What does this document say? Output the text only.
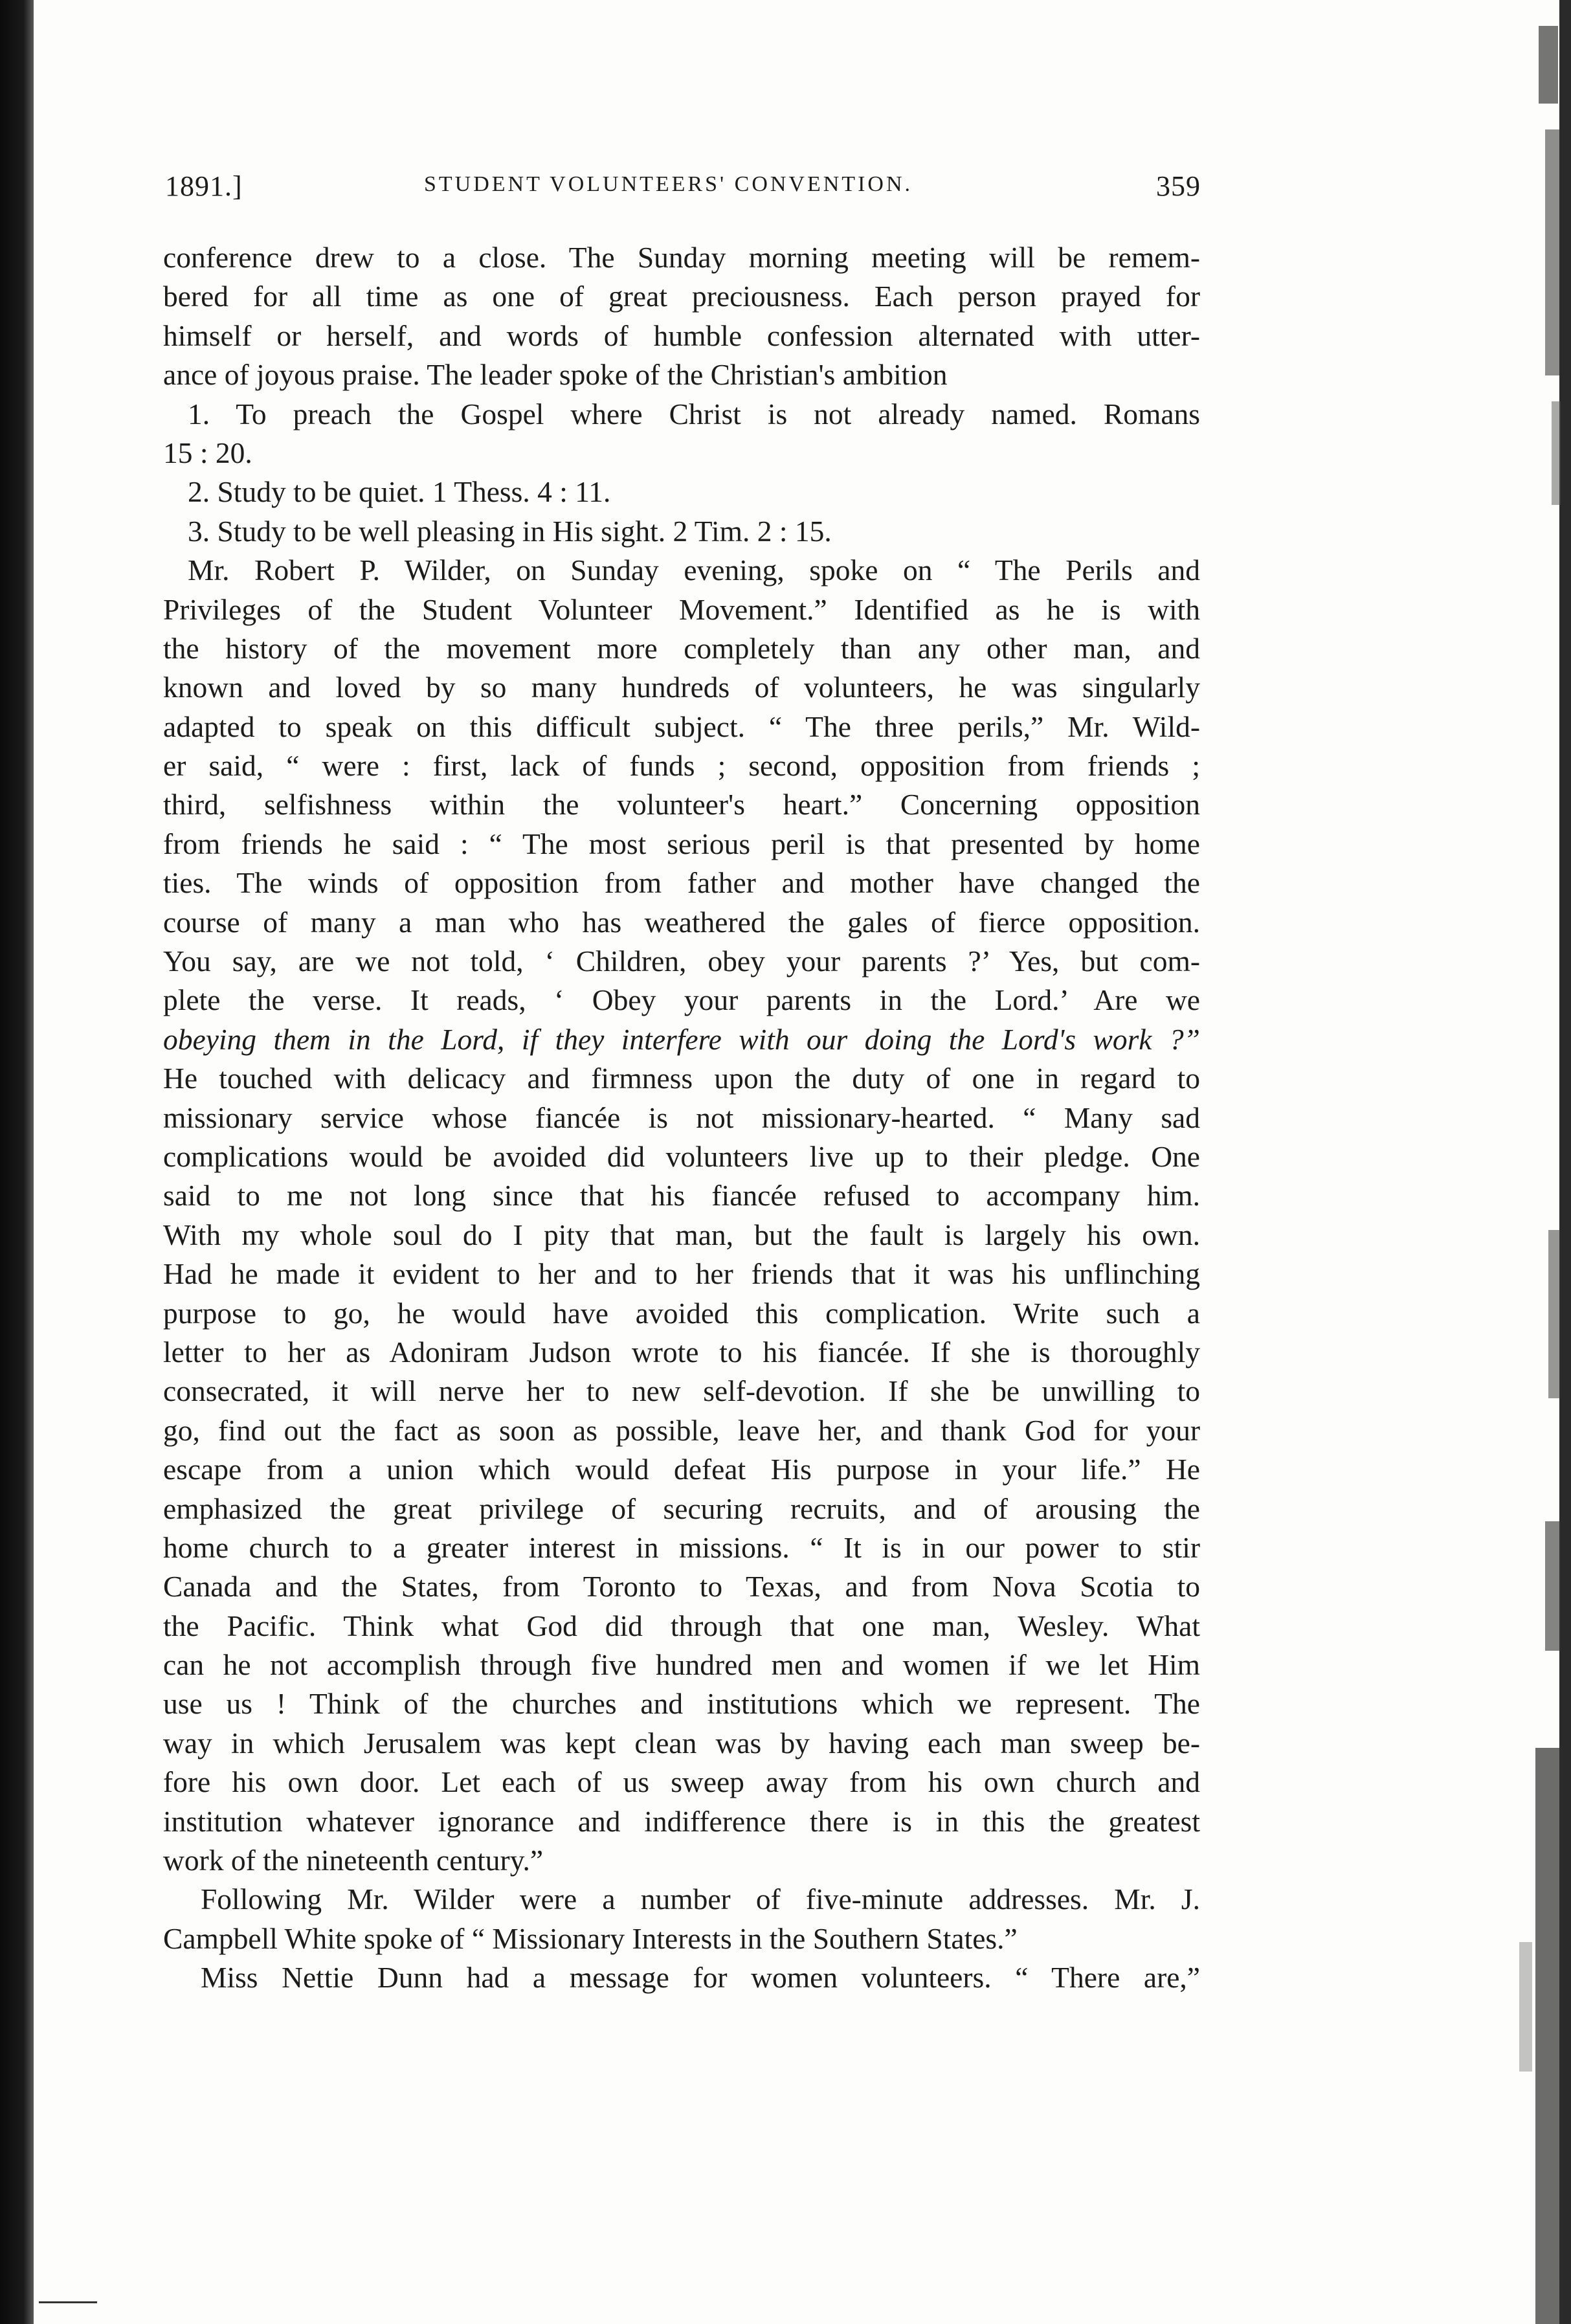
1891.]	STUDENT VOLUNTEERS' CONVENTION.	359
conference drew to a close. The Sunday morning meeting will be remem-
bered for all time as one of great preciousness. Each person prayed for
himself or herself, and words of humble confession alternated with utter-
ance of joyous praise. The leader spoke of the Christian's ambition
1. To preach the Gospel where Christ is not already named. Romans
15 : 20.
2. Study to be quiet. 1 Thess. 4 : 11.
3. Study to be well pleasing in His sight. 2 Tim. 2 : 15.
Mr. Robert P. Wilder, on Sunday evening, spoke on “ The Perils and
Privileges of the Student Volunteer Movement.” Identified as he is with
the history of the movement more completely than any other man, and
known and loved by so many hundreds of volunteers, he was singularly
adapted to speak on this difficult subject. “ The three perils,” Mr. Wild-
er said, “ were : first, lack of funds ; second, opposition from friends ;
third, selfishness within the volunteer's heart.” Concerning opposition
from friends he said : “ The most serious peril is that presented by home
ties. The winds of opposition from father and mother have changed the
course of many a man who has weathered the gales of fierce opposition.
You say, are we not told, ‘ Children, obey your parents ?’ Yes, but com-
plete the verse. It reads, ‘ Obey your parents in the Lord.’ Are we
obeying them in the Lord, if they interfere with our doing the Lord's work ?”
He touched with delicacy and firmness upon the duty of one in regard to
missionary service whose fiancée is not missionary-hearted. “ Many sad
complications would be avoided did volunteers live up to their pledge. One
said to me not long since that his fiancée refused to accompany him.
With my whole soul do I pity that man, but the fault is largely his own.
Had he made it evident to her and to her friends that it was his unflinching
purpose to go, he would have avoided this complication. Write such a
letter to her as Adoniram Judson wrote to his fiancée. If she is thoroughly
consecrated, it will nerve her to new self-devotion. If she be unwilling to
go, find out the fact as soon as possible, leave her, and thank God for your
escape from a union which would defeat His purpose in your life.” He
emphasized the great privilege of securing recruits, and of arousing the
home church to a greater interest in missions. “ It is in our power to stir
Canada and the States, from Toronto to Texas, and from Nova Scotia to
the Pacific. Think what God did through that one man, Wesley. What
can he not accomplish through five hundred men and women if we let Him
use us ! Think of the churches and institutions which we represent. The
way in which Jerusalem was kept clean was by having each man sweep be-
fore his own door. Let each of us sweep away from his own church and
institution whatever ignorance and indifference there is in this the greatest
work of the nineteenth century.”
Following Mr. Wilder were a number of five-minute addresses. Mr. J.
Campbell White spoke of “ Missionary Interests in the Southern States.”
Miss Nettie Dunn had a message for women volunteers. “ There are,”
